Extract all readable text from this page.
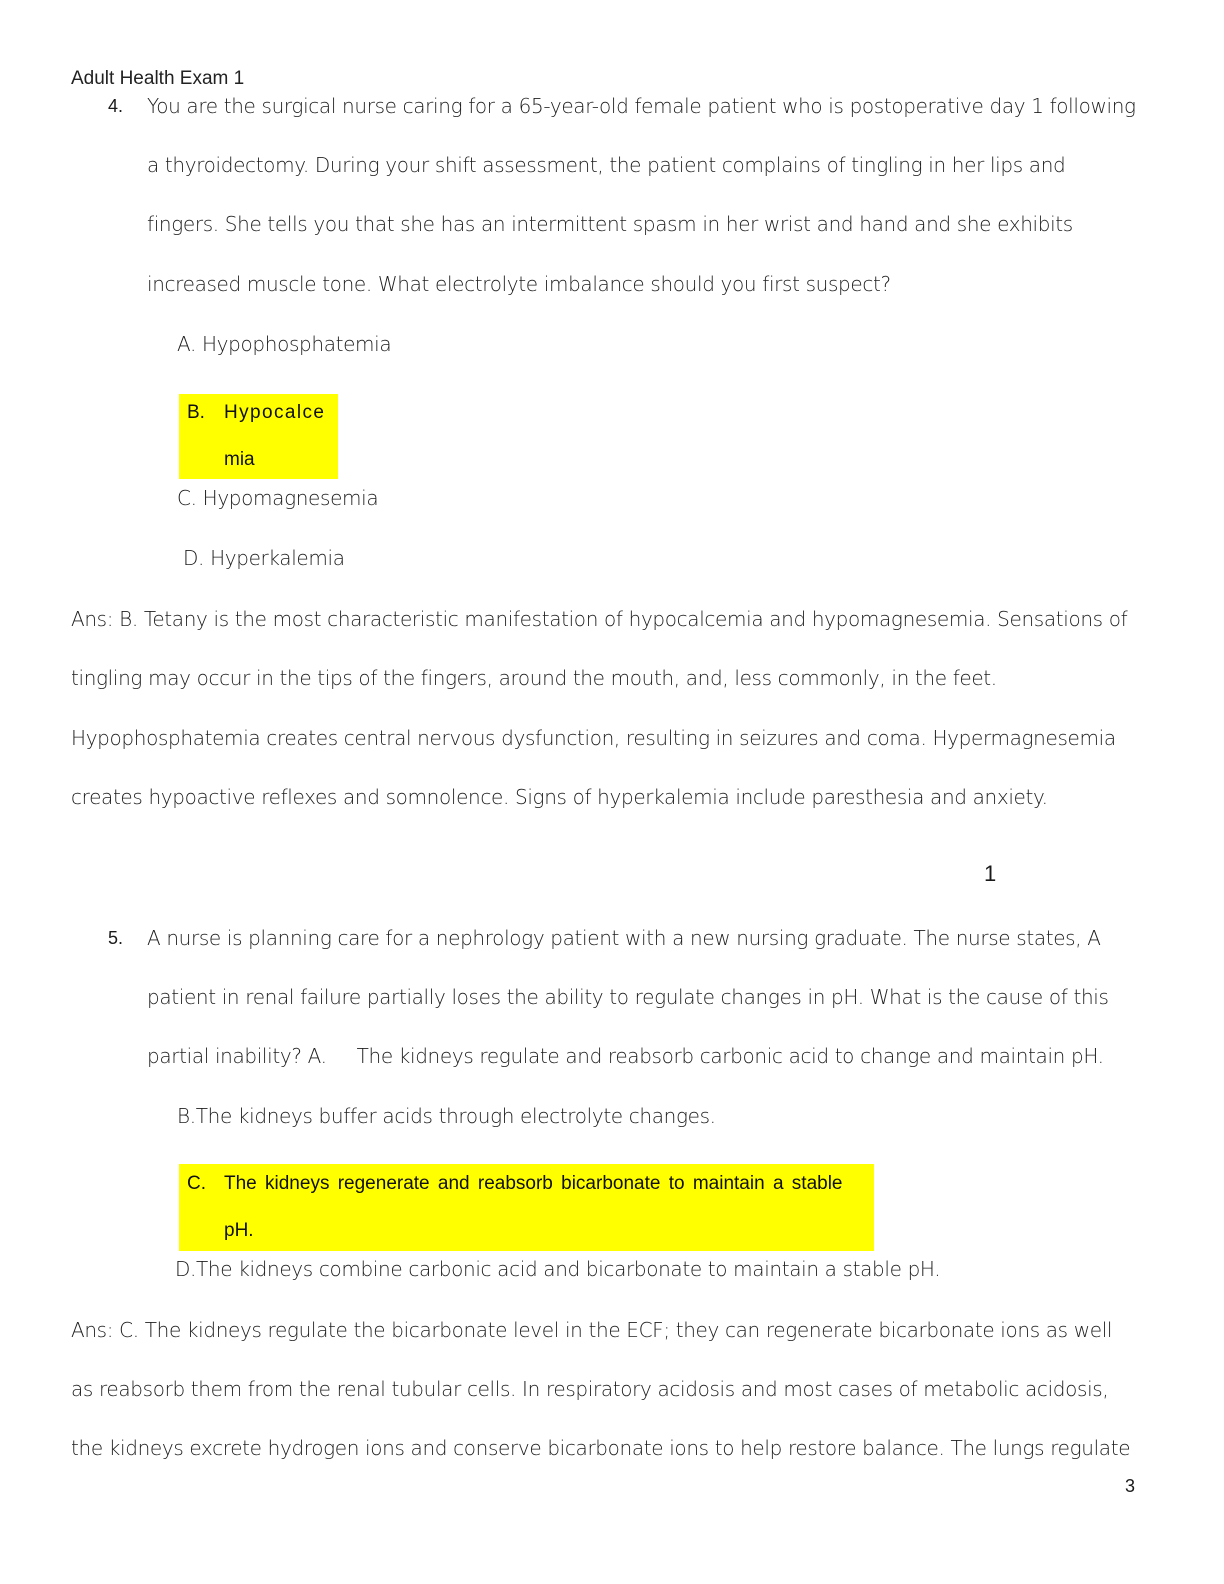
Adult Health Exam 1
4. You are the surgical nurse caring for a 65-year-old female patient who is postoperative day 1 following
a thyroidectomy. During your shift assessment, the patient complains of tingling in her lips and
fingers. She tells you that she has an intermittent spasm in her wrist and hand and she exhibits
increased muscle tone. What electrolyte imbalance should you first suspect?
A. Hypophosphatemia
B. Hypocalce
mia
C. Hypomagnesemia
D. Hyperkalemia
Ans: B. Tetany is the most characteristic manifestation of hypocalcemia and hypomagnesemia. Sensations of
tingling may occur in the tips of the fingers, around the mouth, and, less commonly, in the feet.
Hypophosphatemia creates central nervous dysfunction, resulting in seizures and coma. Hypermagnesemia
creates hypoactive reflexes and somnolence. Signs of hyperkalemia include paresthesia and anxiety.
1
5. A nurse is planning care for a nephrology patient with a new nursing graduate. The nurse states, A
patient in renal failure partially loses the ability to regulate changes in pH. What is the cause of this
partial inability? A.     The kidneys regulate and reabsorb carbonic acid to change and maintain pH.
B.The kidneys buffer acids through electrolyte changes.
C. The kidneys regenerate and reabsorb bicarbonate to maintain a stable
pH.
D.The kidneys combine carbonic acid and bicarbonate to maintain a stable pH.
Ans: C. The kidneys regulate the bicarbonate level in the ECF; they can regenerate bicarbonate ions as well
as reabsorb them from the renal tubular cells. In respiratory acidosis and most cases of metabolic acidosis,
the kidneys excrete hydrogen ions and conserve bicarbonate ions to help restore balance. The lungs regulate
3
